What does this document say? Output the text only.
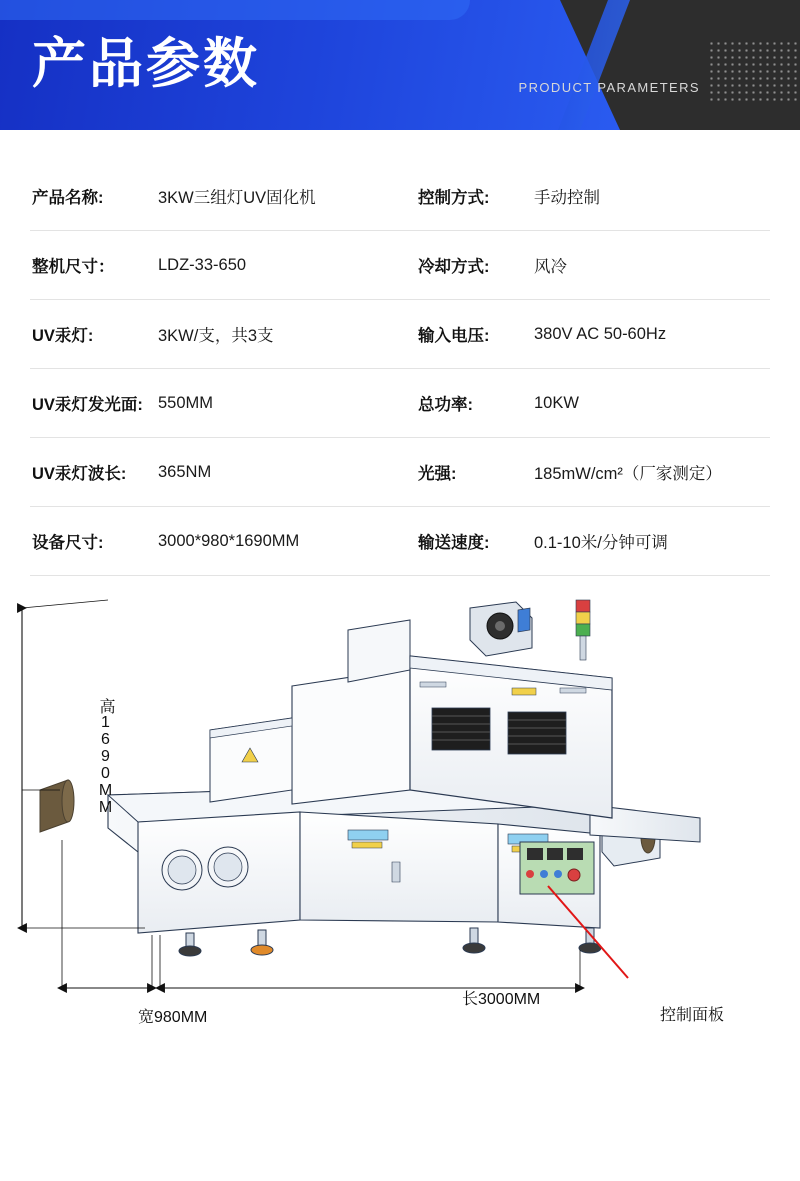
产品参数	PRODUCT PARAMETERS
产品名称:	3KW三组灯UV固化机	控制方式:	手动控制
整机尺寸：	LDZ-33-650	冷却方式:	风冷
UV汞灯:	3KW/支，共3支	输入电压:	380V AC 50-60Hz
UV汞灯发光面:	550MM	总功率:	10KW
UV汞灯波长:	365NM	光强:	185mW/cm²（厂家测定）
设备尺寸:	3000*980*1690MM	输送速度:	0.1-10米/分钟可调
高1690MM
宽980MM
长3000MM
控制面板
